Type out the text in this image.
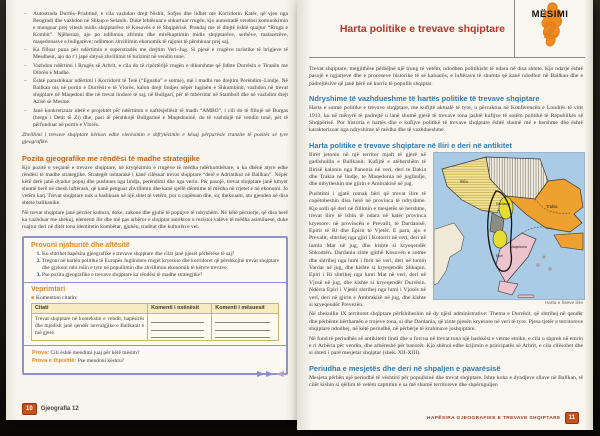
– Autostrada Durrës–Prishtinë, e cila vazhdon drejt Nishit, Sofjes dhe lidhet me Korridorin Katër, që vjen nga Beogradi dhe vazhdon në Shkup e Selanik. Duke lehtësuar e shkurtuar rrugën, kjo autostradë vendosi komunikimin e munguar prej vitesh midis shqiptarëve të Kosovës e të Shqipërisë. Prandaj me të drejtë është quajtur “Rruga e Kombit”. Njëherazi, ajo po ndihmon afrimin dhe mirëkuptimin midis shqiptarëve, serbëve, malazezëve, maqedonasve e bullgarëve; ndihmon zhvillimin ekonomik të rajonit të përshkuar prej saj.
– Ka filluar puna për ndërtimin e superstradës me drejtim Veri–Jug. Si pjesë e rrugëve turistike të brigjeve të Mesdheut, ajo do t’i japë shtysë zhvillimit të turizmit në vendin tonë.
– Vazhdon ndërtimi i Rrugës së Arbrit, e cila do të ripërtërijë rrugën e dikurshme që lidhte Durrësin e Tiranën me Dibrën e Madhe.
– Është parashikuar ndërtimi i Korridorit të Tetë (“Egnatia” e sotme), më i madhi me drejtim Perëndim–Lindje. Në Ballkan nis në portin e Durrësit e të Vlorës, kalon drejt lindjes nëpër luginën e Shkumbinit, vazhdon në trevat shqiptare në Maqedoni dhe në trevat lindore të saj, në Bullgari, për të mbërritur në Stamboll dhe në vazhdim drejt Azisë së Mesme.
– Janë konkretizuar idetë e projektet për ndërtimin e naftësjellësit të madh “AMBO”, i cili do të fillojë në Burgas (bregu i Detit të Zi) dhe, pasi të përshkojë Bullgarinë e Maqedoninë, do të vazhdojë në vendin tonë, për të përfunduar në portin e Vlorës.

Zhvillimi i trevave shqiptare kërkon edhe vlerësimin e shfrytëzimin e kësaj përparësie tranzite të pozitës së tyre gjeografike.

Pozita gjeografike me rëndësi të madhe strategjike

Kjo pozitë e veçantë e trevave shqiptare, në kryqëzimin e rrugëve të mëdha ndërkombëtare, u ka dhënë atyre edhe rëndësi të madhe strategjike. Strategët ushtarakë i kanë cilësuar trevat shqiptare “derë e Adriatikut në Ballkan”. Nëpër këtë derë janë dyndur popuj dhe pushtues nga lindja, perëndimi dhe nga veriu. Për pasojë, trevat shqiptare janë kthyer shumë herë në shesh luftërash, që kanë penguar zhvillimin dhe kanë sjellë dëmtime të mëdha në rrjetet e në ekonomi. Jo vetëm kaq. Trevat shqiptare nuk u bashkuan në një shtet të vetëm, por u copëtuan dhe, siç theksuam, ato gjenden në disa shtete ballkanike.

Në trevat shqiptare janë përzier kultura, doke, zakone dhe gjuhë të popujve të ndryshëm. Në këtë përzierje, që disa herë ka vazhduar me shekuj, elementi ilir dhe më pas arbëror e shqiptar autokton u rezistoi valëve të mëdha asimiluese, duke ruajtur deri në ditët tona identitetin kombëtar, gjuhën, traditat dhe kulturën e vet.

Provoni njohuritë dhe aftësitë
1. Ku shtrihet hapësira gjeografike e trevave shqiptare dhe cilat janë pjesët përbërëse të saj?
2. Tregoni në hartën politike të Europës Juglindore rrugët kryesore dhe korridoret që përshkojnë trevat shqiptare dhe gjykoni mbi rolin e tyre në popullimin dhe zhvillimin ekonomik të këtyre trevave.
3. Pse pozita gjeografike e trevave shqiptare ka rëndësi të madhe strategjike?
Veprimtari
■ Komentoni citatin:
Citati	Komenti i nxënësit	Komenti i mësuesit
Trevat shqiptare në kontekstin e vendit, hapësirës dhe mjedisit janë qendër nevralgjike e Ballkanit e më gjerë.	

Prova: Cili është mendimi juaj për këtë mësim?
Prova e thjeshtë: Pse mendoni kështu?
10	Gjeografia 12
Harta politike e trevave shqiptare
MËSIMI
2

Trevat shqiptare, megjithëse përbëjnë një trung të vetëm, ndodhen politikisht të ndara në disa shtete. Kjo ndarje është pasojë e ngjarjeve dhe e proceseve historike të së kaluarës, e luftërave të shumta që kanë ndodhur në Ballkan dhe e padrejtësive që janë bërë në kurriz të popullit shqiptar.

Ndryshime të vazhdueshme të hartës politike të trevave shqiptare

Harta e sotme politike e trevave shqiptare, me kufijtë aktualë të tyre, u përcaktua në Konferencën e Londrës të vitit 1913, ku në mënyrë të padrejtë u lanë shumë pjesë të trevave tona jashtë kufijve të sotëm politikë të Republikës së Shqipërisë. Por historia e hartës dhe e kufijve politikë të trevave shqiptare është shumë më e hershme dhe është karakterizuar nga ndryshime të mëdha dhe të vazhdueshme.

Harta politike e trevave shqiptare në Iliri e deri në antikitet

Ilirët jetonin në një territor mjaft të gjerë në gadishullin e Ballkanit. Kufijtë e atëhershëm të Ilirisë kalonin nga Panonia në veri, deri te Dakia dhe Trakia në lindje, te Maqedonia në juglindje, dhe mbylleshin me gjirin e Ambrakisë në jug.

Pushtimi i gjatë romak bëri që trevat ilire të copëtoheshin disa herë në provinca të ndryshme. Kjo solli që deri në fillimin e mesjetës së hershme, trevat ilire të ishin të ndara në katër provinca kryesore: në provincën e Prevalit, të Dardanisë, Epirit të Ri dhe Epirit të Vjetër. E para, ajo e Prevalit, shtrihej nga gjiri i Kotorrit në veri, deri në lumin Mat në jug, dhe kishte si kryeqendër Shkodrën. Dardania zinte gjithë Kosovën e sotme dhe shtrihej nga lumi i Ibrit në veri, deri në lumin Vardar në jug, dhe kishte si kryeqendër Shkupin. Epiri i Ri shtrihej nga lumi Mat në veri, deri në Vjosë në jug, dhe kishte si kryeqendër Durrësin. Ndërsa Epiri i Vjetër shtrihej nga lumi i Vjosës në veri, deri në gjirin e Ambrakisë në jug, dhe kishte si kryeqendër Prevezën.

Iliria
Dardania	Trakia
Maqedonia
Epiri
Harta e fiseve ilire

Në shekullin IX territoret shqiptare përfshiheshin në dy njësi administrative: Thema e Durrësit, që shtrihej në qendër dhe përbënte bërthamën e trojeve tona, si dhe Dardania, që zinte pjesën kryesore në veri të tyre. Pjesa tjetër e territoreve shqiptare ndodhej, në këtë periudhë, në përbërje të krahinave joshqiptare.

Në fund të periudhës së antikitetit lindi dhe u forcua në trevat tona një bashkësi e vetme etnike, e cila u shpreh në emrin e ri Arbëria për vendin, dhe arbëreshë për banorët. Kjo shënoi edhe krijimin e principatës së Arbrit, e cila cilësohet dhe si shteti i parë mesjetar shqiptar (shek. XII-XIII).

Periudha e mesjetës dhe deri në shpaljen e pavarësisë

Mesjeta përbën një periudhë të vështirë për popullsinë dhe trevat shqiptare. Ishte koha e dyndjeve sllave në Ballkan, të cilët kishin si qëllim të vetëm zaptimin e sa më shumë territoreve dhe shpërnguljen

HAPËSIRA GJEOGRAFIKE E TREVAVE SHQIPTARE	11
